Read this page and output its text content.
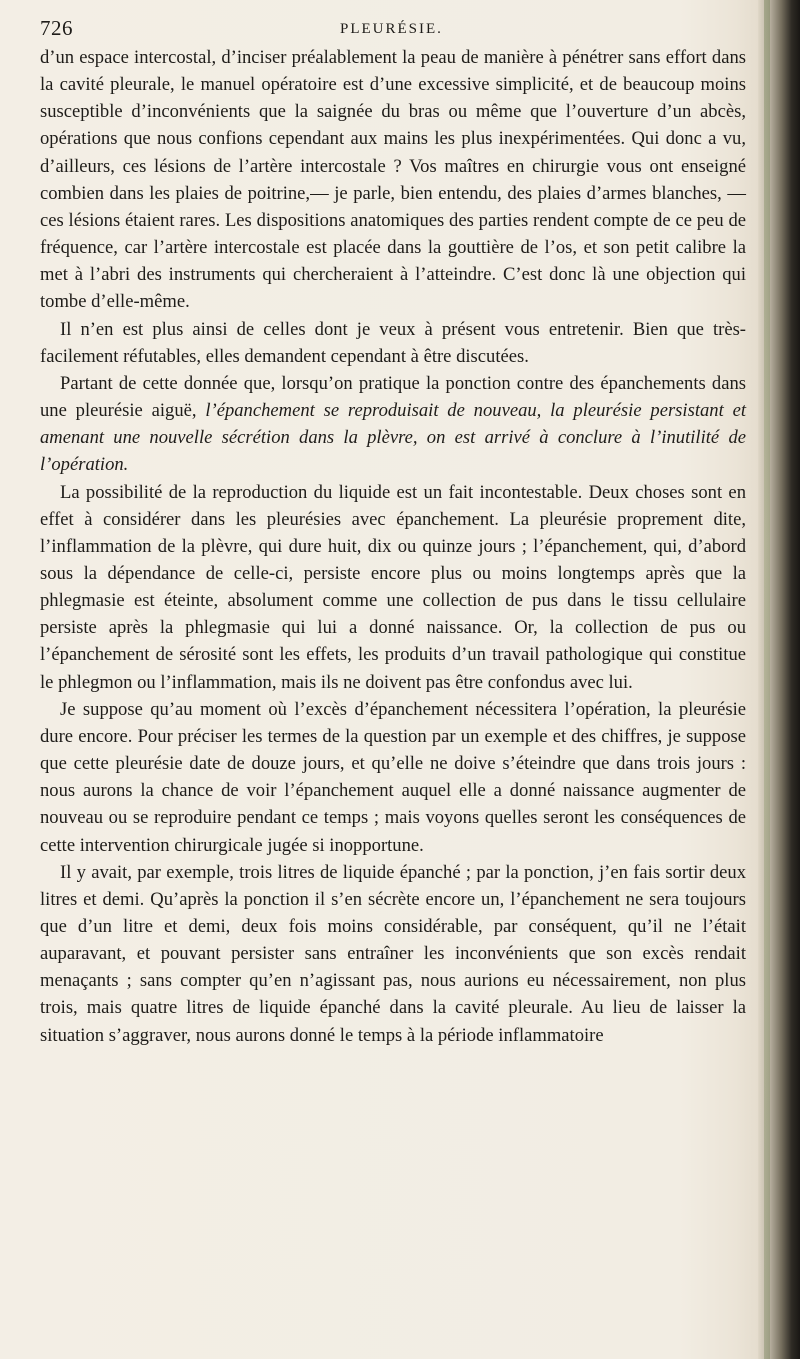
726	PLEURÉSIE.

d’un espace intercostal, d’inciser préalablement la peau de manière à pénétrer sans effort dans la cavité pleurale, le manuel opératoire est d’une excessive simplicité, et de beaucoup moins susceptible d’inconvénients que la saignée du bras ou même que l’ouverture d’un abcès, opérations que nous confions cependant aux mains les plus inexpérimentées. Qui donc a vu, d’ailleurs, ces lésions de l’artère intercostale ? Vos maîtres en chirurgie vous ont enseigné combien dans les plaies de poitrine,— je parle, bien entendu, des plaies d’armes blanches, —ces lésions étaient rares. Les dispositions anatomiques des parties rendent compte de ce peu de fréquence, car l’artère intercostale est placée dans la gouttière de l’os, et son petit calibre la met à l’abri des instruments qui chercheraient à l’atteindre. C’est donc là une objection qui tombe d’elle-même.

Il n’en est plus ainsi de celles dont je veux à présent vous entretenir. Bien que très-facilement réfutables, elles demandent cependant à être discutées.

Partant de cette donnée que, lorsqu’on pratique la ponction contre des épanchements dans une pleurésie aiguë, l’épanchement se reproduisait de nouveau, la pleurésie persistant et amenant une nouvelle sécrétion dans la plèvre, on est arrivé à conclure à l’inutilité de l’opération.

La possibilité de la reproduction du liquide est un fait incontestable. Deux choses sont en effet à considérer dans les pleurésies avec épanchement. La pleurésie proprement dite, l’inflammation de la plèvre, qui dure huit, dix ou quinze jours ; l’épanchement, qui, d’abord sous la dépendance de celle-ci, persiste encore plus ou moins longtemps après que la phlegmasie est éteinte, absolument comme une collection de pus dans le tissu cellulaire persiste après la phlegmasie qui lui a donné naissance. Or, la collection de pus ou l’épanchement de sérosité sont les effets, les produits d’un travail pathologique qui constitue le phlegmon ou l’inflammation, mais ils ne doivent pas être confondus avec lui.

Je suppose qu’au moment où l’excès d’épanchement nécessitera l’opération, la pleurésie dure encore. Pour préciser les termes de la question par un exemple et des chiffres, je suppose que cette pleurésie date de douze jours, et qu’elle ne doive s’éteindre que dans trois jours : nous aurons la chance de voir l’épanchement auquel elle a donné naissance augmenter de nouveau ou se reproduire pendant ce temps ; mais voyons quelles seront les conséquences de cette intervention chirurgicale jugée si inopportune.

Il y avait, par exemple, trois litres de liquide épanché ; par la ponction, j’en fais sortir deux litres et demi. Qu’après la ponction il s’en sécrète encore un, l’épanchement ne sera toujours que d’un litre et demi, deux fois moins considérable, par conséquent, qu’il ne l’était auparavant, et pouvant persister sans entraîner les inconvénients que son excès rendait menaçants ; sans compter qu’en n’agissant pas, nous aurions eu nécessairement, non plus trois, mais quatre litres de liquide épanché dans la cavité pleurale. Au lieu de laisser la situation s’aggraver, nous aurons donné le temps à la période inflammatoire
